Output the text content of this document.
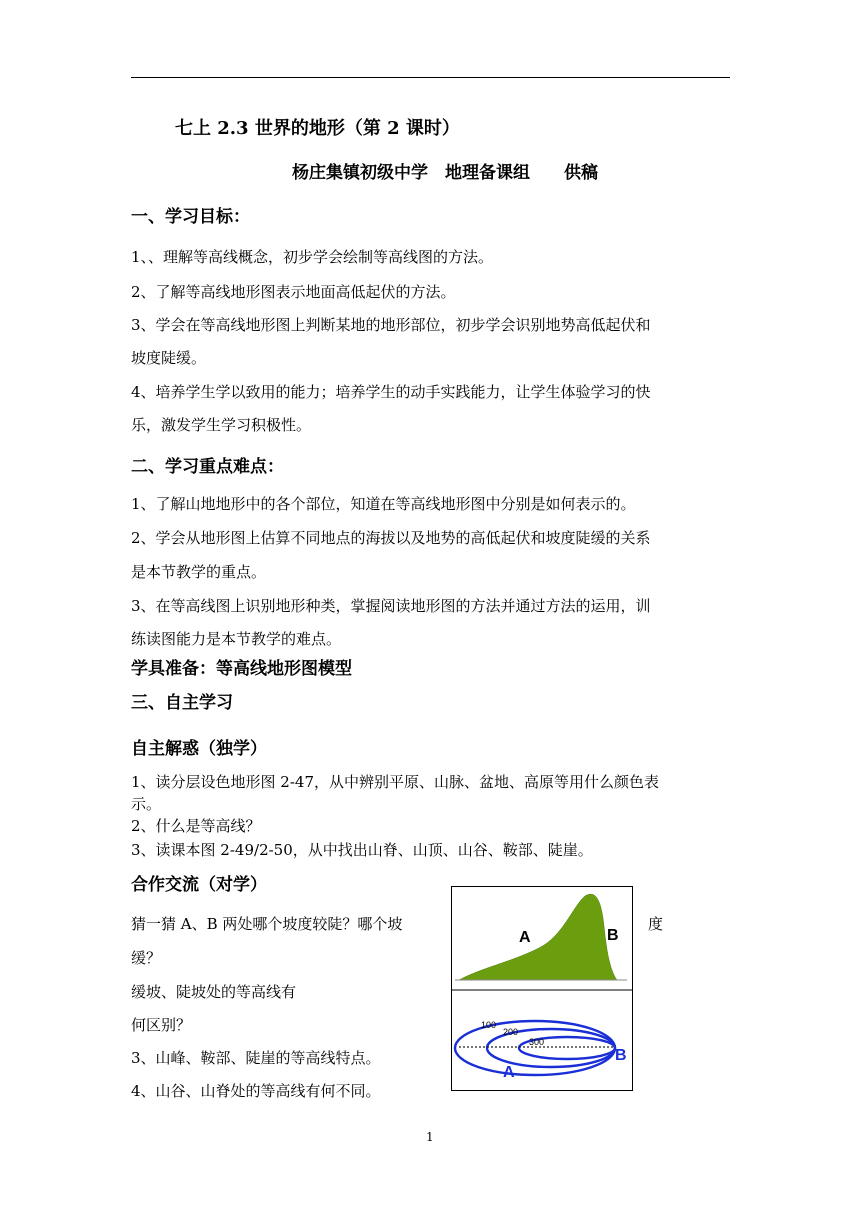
七上 2.3 世界的地形（第 2 课时）
杨庄集镇初级中学　地理备课组　　供稿
一、学习目标：
1、、理解等高线概念，初步学会绘制等高线图的方法。
2、了解等高线地形图表示地面高低起伏的方法。
3、学会在等高线地形图上判断某地的地形部位，初步学会识别地势高低起伏和
坡度陡缓。
4、培养学生学以致用的能力；培养学生的动手实践能力，让学生体验学习的快
乐，激发学生学习积极性。
二、学习重点难点：
1、了解山地地形中的各个部位，知道在等高线地形图中分别是如何表示的。
2、学会从地形图上估算不同地点的海拔以及地势的高低起伏和坡度陡缓的关系
是本节教学的重点。
3、在等高线图上识别地形种类，掌握阅读地形图的方法并通过方法的运用，训
练读图能力是本节教学的难点。
学具准备：等高线地形图模型
三、自主学习
自主解惑（独学）
1、读分层设色地形图 2-47，从中辨别平原、山脉、盆地、高原等用什么颜色表
示。
2、什么是等高线？
3、读课本图 2-49/2-50，从中找出山脊、山顶、山谷、鞍部、陡崖。
合作交流（对学）
猜一猜 A、B 两处哪个坡度较陡？哪个坡	度
缓？
缓坡、陡坡处的等高线有
何区别？
3、山峰、鞍部、陡崖的等高线特点。
4、山谷、山脊处的等高线有何不同。
A	B
100
200
300
A
B
1
